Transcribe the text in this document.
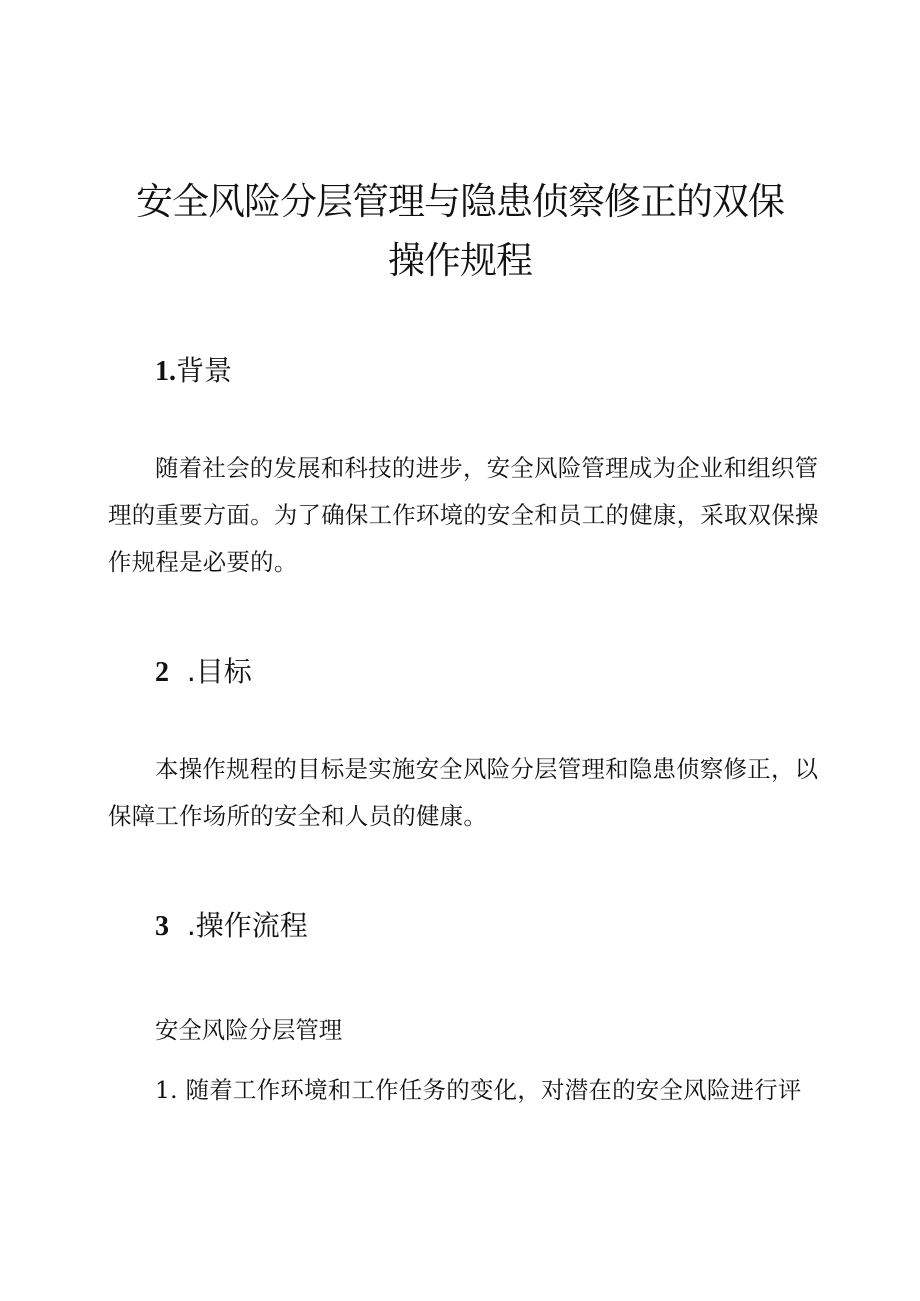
安全风险分层管理与隐患侦察修正的双保
操作规程
1.背景

随着社会的发展和科技的进步，安全风险管理成为企业和组织管
理的重要方面。为了确保工作环境的安全和员工的健康，采取双保操
作规程是必要的。

2 .目标

本操作规程的目标是实施安全风险分层管理和隐患侦察修正，以
保障工作场所的安全和人员的健康。

3 .操作流程

安全风险分层管理

1. 随着工作环境和工作任务的变化，对潜在的安全风险进行评
